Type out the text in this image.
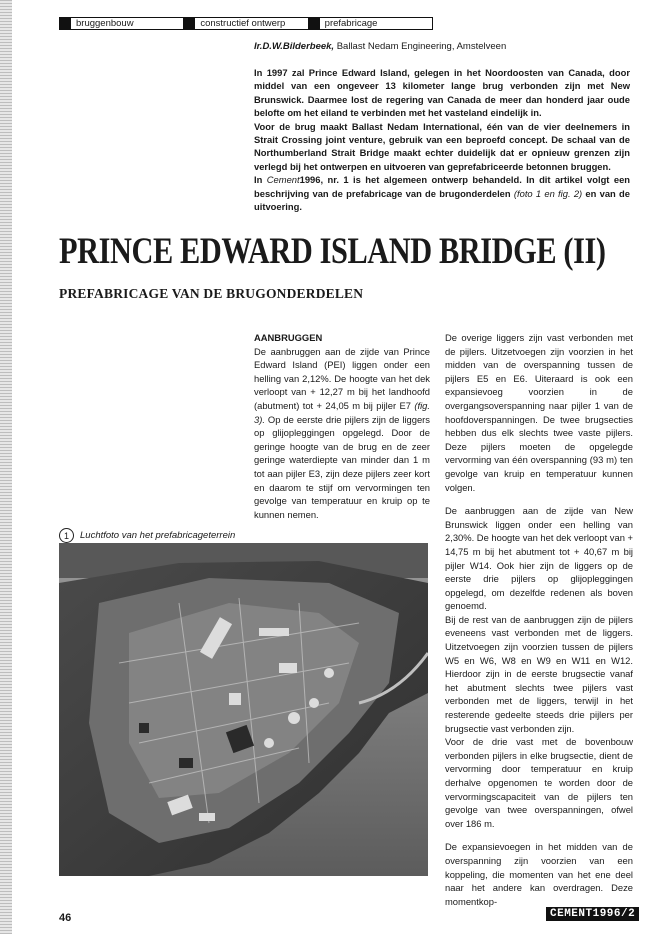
bruggenbouw	constructief ontwerp	prefabricage
Ir.D.W.Bilderbeek, Ballast Nedam Engineering, Amstelveen

In 1997 zal Prince Edward Island, gelegen in het Noordoosten van Canada, door middel van een ongeveer 13 kilometer lange brug verbonden zijn met New Brunswick. Daarmee lost de regering van Canada de meer dan honderd jaar oude belofte om het eiland te verbinden met het vasteland eindelijk in.

Voor de brug maakt Ballast Nedam International, één van de vier deelnemers in Strait Crossing joint venture, gebruik van een beproefd concept. De schaal van de Northumberland Strait Bridge maakt echter duidelijk dat er opnieuw grenzen zijn verlegd bij het ontwerpen en uitvoeren van geprefabriceerde betonnen bruggen.

In Cement1996, nr. 1 is het algemeen ontwerp behandeld. In dit artikel volgt een beschrijving van de prefabricage van de brugonderdelen (foto 1 en fig. 2) en van de uitvoering.

PRINCE EDWARD ISLAND BRIDGE (II)
PREFABRICAGE VAN DE BRUGONDERDELEN

AANBRUGGEN

De aanbruggen aan de zijde van Prince Edward Island (PEI) liggen onder een helling van 2,12%. De hoogte van het dek verloopt van + 12,27 m bij het landhoofd (abutment) tot + 24,05 m bij pijler E7 (fig. 3). Op de eerste drie pijlers zijn de liggers op glijopleggingen opgelegd. Door de geringe hoogte van de brug en de zeer geringe waterdiepte van minder dan 1 m tot aan pijler E3, zijn deze pijlers zeer kort en daarom te stijf om vervormingen ten gevolge van temperatuur en kruip op te kunnen nemen.

De overige liggers zijn vast verbonden met de pijlers. Uitzetvoegen zijn voorzien in het midden van de overspanning tussen de pijlers E5 en E6. Uiteraard is ook een expansievoeg voorzien in de overgangsoverspanning naar pijler 1 van de hoofdoverspanningen. De twee brugsecties hebben dus elk slechts twee vaste pijlers. Deze pijlers moeten de opgelegde vervorming van één overspanning (93 m) ten gevolge van kruip en temperatuur kunnen volgen.

De aanbruggen aan de zijde van New Brunswick liggen onder een helling van 2,30%. De hoogte van het dek verloopt van + 14,75 m bij het abutment tot + 40,67 m bij pijler W14. Ook hier zijn de liggers op de eerste drie pijlers op glijopleggingen opgelegd, om dezelfde redenen als boven genoemd.

Bij de rest van de aanbruggen zijn de pijlers eveneens vast verbonden met de liggers. Uitzetvoegen zijn voorzien tussen de pijlers W5 en W6, W8 en W9 en W11 en W12. Hierdoor zijn in de eerste brugsectie vanaf het abutment slechts twee pijlers vast verbonden met de liggers, terwijl in het resterende gedeelte steeds drie pijlers per brugsectie vast verbonden zijn.

Voor de drie vast met de bovenbouw verbonden pijlers in elke brugsectie, dient de vervorming door temperatuur en kruip derhalve opgenomen te worden door de vervormingscapaciteit van de pijlers ten gevolge van twee overspanningen, ofwel over 186 m.

De expansievoegen in het midden van de overspanning zijn voorzien van een koppeling, die momenten van het ene deel naar het andere kan overdragen. Deze momentkop-

1	Luchtfoto van het prefabricageterrein
46	CEMENT1996/2
